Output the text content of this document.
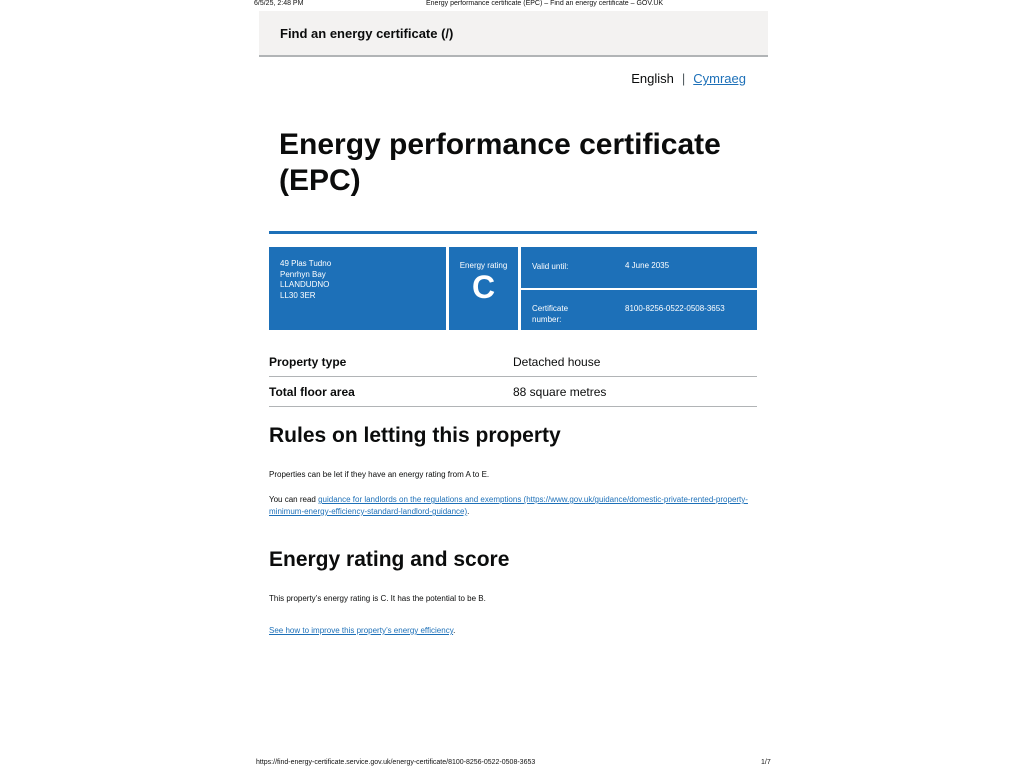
6/5/25, 2:48 PM	Energy performance certificate (EPC) – Find an energy certificate – GOV.UK
Find an energy certificate (/)
English | Cymraeg
Energy performance certificate (EPC)
49 Plas Tudno
Penrhyn Bay
LLANDUDNO
LL30 3ER
Energy rating
C
Valid until:	4 June 2035
Certificate number:
8100-8256-0522-0508-3653
Property type	Detached house
Total floor area	88 square metres
Rules on letting this property
Properties can be let if they have an energy rating from A to E.
You can read guidance for landlords on the regulations and exemptions (https://www.gov.uk/guidance/domestic-private-rented-property-minimum-energy-efficiency-standard-landlord-guidance).
Energy rating and score
This property’s energy rating is C. It has the potential to be B.
See how to improve this property’s energy efficiency.
https://find-energy-certificate.service.gov.uk/energy-certificate/8100-8256-0522-0508-3653	1/7
